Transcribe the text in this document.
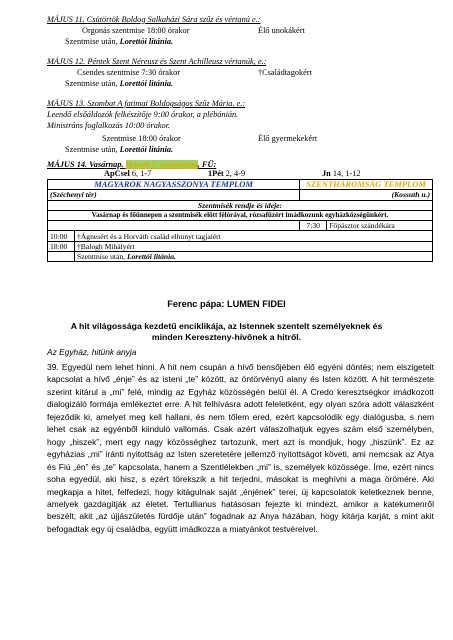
MÁJUS 11. Csütörtök Boldog Salkaházi Sára szűz és vértanú e.:
Orgonás szentmise 18:00 órakor	Élő unokákért
Szentmise után, Lorettói litánia.
MÁJUS 12. Péntek Szent Néreusz és Szent Achilleusz vértanúk, e.:
Csendes szentmise 7:30 órakor	†Családtagokért
Szentmise után, Lorettói litánia.
MÁJUS 13. Szombat A fatimai Boldogságos Szűz Mária. e.:
Leendő elsőáldozók felkészítője 9:00 órakor, a plébánián.
Ministráns foglalkozás 10:00 órakor.
Szentmise 18:00 órakor	Élő gyermekekért
Szentmise után, Lorettói litánia.
MÁJUS 14. Vasárnap. Húsvét 5. vasárnapja, FÜ:
ApCsel 6, 1-7	1Pét 2, 4-9	Jn 14, 1-12
MAGYAROK NAGYASSZONYA TEMPLOM		SZENTHÁROMSÁG TEMPLOM	
(Széchenyi tér)		(Kossuth u.)	
Szentmisék rendje és ideje:			
Vasárnap és főünnepen a szentmisék előtt félórával, rózsafüzért imádkozunk egyházközségünkért.			
		7:30	Főpásztor szándékára
10:00	†Ágnesért és a Horváth család elhunyt tagjaiért		
18:00	†Balogh Mihályért		
	Szentmise után, Lorettói litánia.		
Ferenc pápa: LUMEN FIDEI
A hit világossága kezdetű enciklikája, az Istennek szentelt személyeknek és
minden Kereszteny-hívőnek a hitről.
Az Egyház, hitünk anyja

39. Egyedül nem lehet hinni. A hit nem csupán a hívő bensőjében élő egyéni döntés; nem elszigetelt kapcsolat a hívő „énje” és az isteni „te” között, az öntörvényű alany és Isten között. A hit természete szerint kitárul a „mi” felé, mindig az Egyház közösségén belül él. A Credo keresztségkor imádkozott dialogizáló formája emlékeztet erre. A hit felhívásra adott feleletként, egy olyan szóra adott válaszként fejeződik ki, amelyet meg kell hallani, és nem tőlem ered, ezért kapcsolódik egy dialógusba, s nem lehet csak az egyénből kiinduló vallomás. Csak azért válaszolhatjuk egyes szám első személyben, hogy „hiszek”, mert egy nagy közösséghez tartozunk, mert azt is mondjuk, hogy „hiszünk”. Ez az egyházias „mi” iránti nyitottság az Isten szeretetére jellemző nyitottságot követi, ami nemcsak az Atya és Fiú „én” és „te” kapcsolata, hanem a Szentlélekben „mi” is, személyek közössége. Íme, ezért nincs soha egyedül, aki hisz, s ezért törekszik a hit terjedni, másokat is meghívni a maga örömére. Aki megkapja a hitet, felfedezi, hogy kitágulnak saját „énjének” terei, új kapcsolatok keletkeznek benne, amelyek gazdagítják az életet. Tertullianus hatásosan fejezte ki mindezt, amikor a katekumenről beszélt, akit „az újjászületés fürdője után” fogadnak az Anya házában, hogy kitárja karját, s mint akit befogadtak egy új családba, együtt imádkozza a miatyánkot testvéreivel.
